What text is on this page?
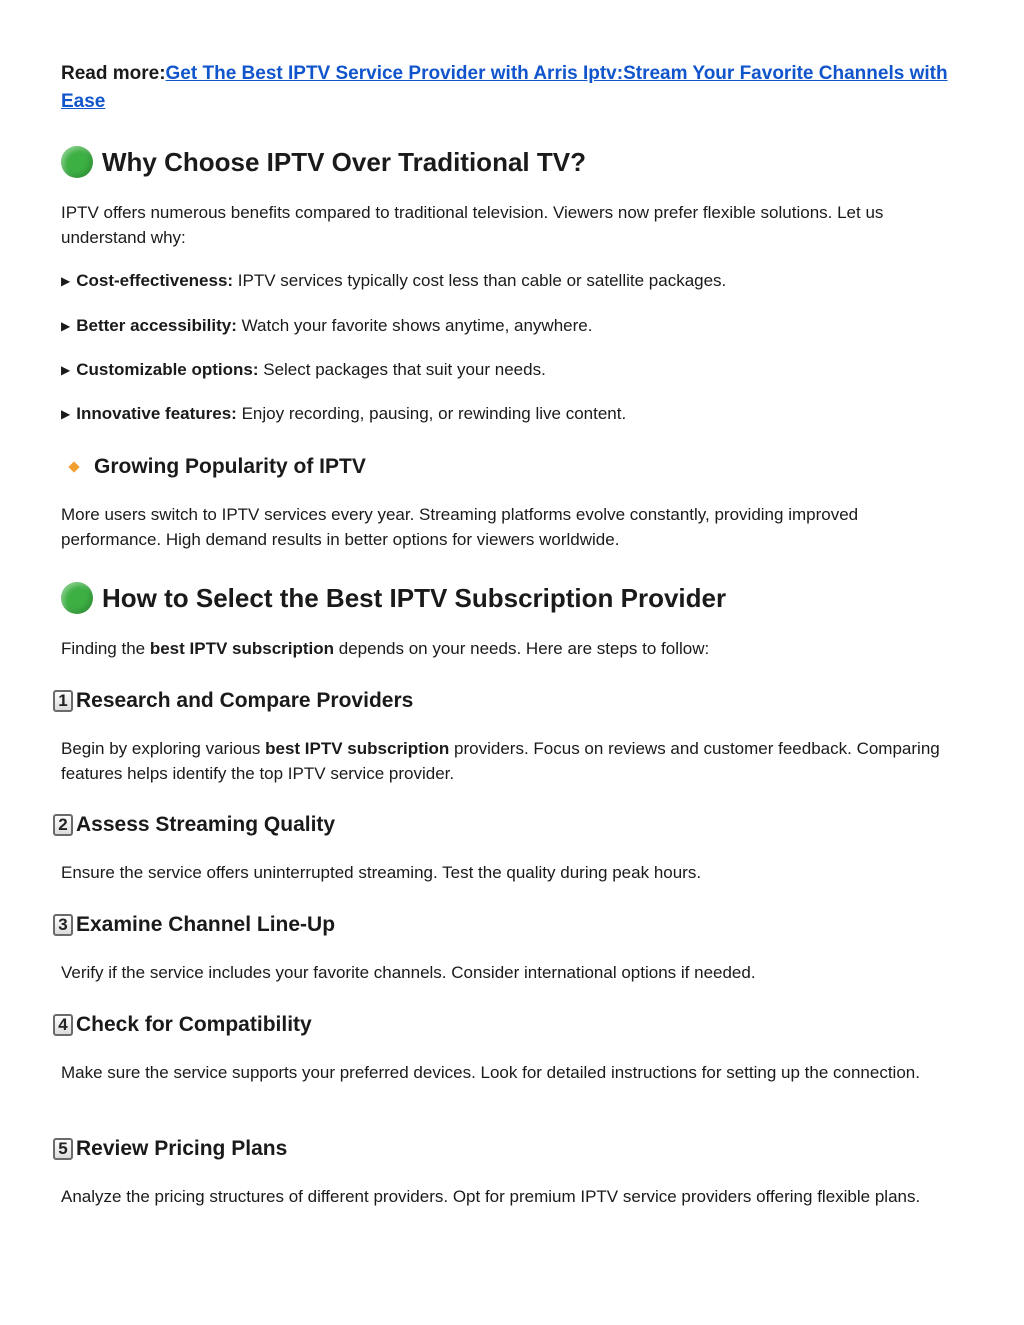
Read more:Get The Best IPTV Service Provider with Arris Iptv:Stream Your Favorite Channels with Ease
Why Choose IPTV Over Traditional TV?
IPTV offers numerous benefits compared to traditional television. Viewers now prefer flexible solutions. Let us understand why:
▶ Cost-effectiveness: IPTV services typically cost less than cable or satellite packages.
▶ Better accessibility: Watch your favorite shows anytime, anywhere.
▶ Customizable options: Select packages that suit your needs.
▶ Innovative features: Enjoy recording, pausing, or rewinding live content.
Growing Popularity of IPTV
More users switch to IPTV services every year. Streaming platforms evolve constantly, providing improved performance. High demand results in better options for viewers worldwide.
How to Select the Best IPTV Subscription Provider
Finding the best IPTV subscription depends on your needs. Here are steps to follow:
1 Research and Compare Providers
Begin by exploring various best IPTV subscription providers. Focus on reviews and customer feedback. Comparing features helps identify the top IPTV service provider.
2 Assess Streaming Quality
Ensure the service offers uninterrupted streaming. Test the quality during peak hours.
3 Examine Channel Line-Up
Verify if the service includes your favorite channels. Consider international options if needed.
4 Check for Compatibility
Make sure the service supports your preferred devices. Look for detailed instructions for setting up the connection.
5 Review Pricing Plans
Analyze the pricing structures of different providers. Opt for premium IPTV service providers offering flexible plans.
